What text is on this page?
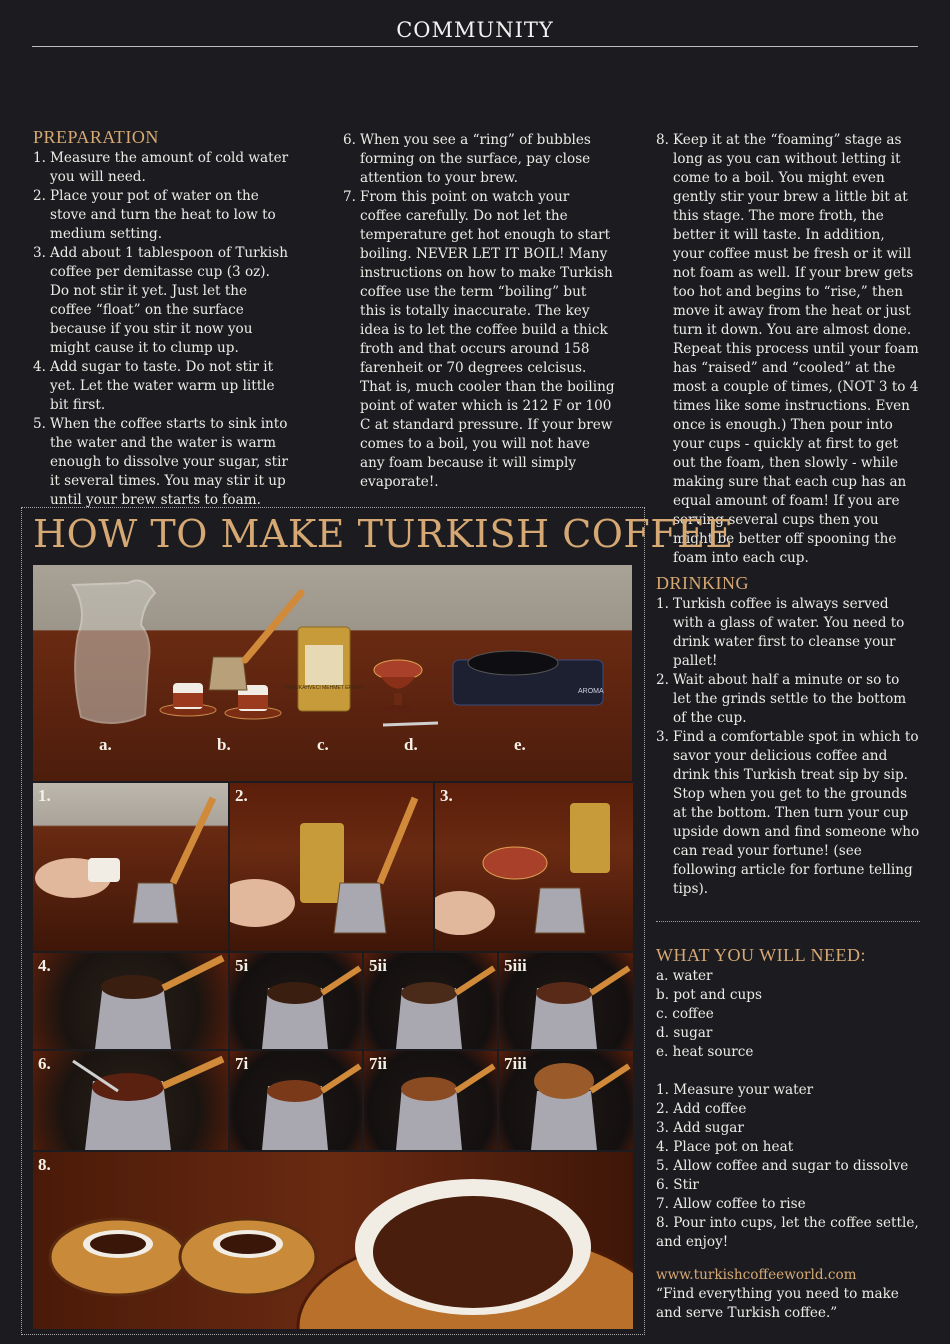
COMMUNITY
PREPARATION
1. Measure the amount of cold water you will need.
2. Place your pot of water on the stove and turn the heat to low to medium setting.
3. Add about 1 tablespoon of Turkish coffee per demitasse cup (3 oz). Do not stir it yet. Just let the coffee “float” on the surface because if you stir it now you might cause it to clump up.
4. Add sugar to taste. Do not stir it yet. Let the water warm up little bit first.
5. When the coffee starts to sink into the water and the water is warm enough to dissolve your sugar, stir it several times. You may stir it up until your brew starts to foam.
6. When you see a “ring” of bubbles forming on the surface, pay close attention to your brew.
7. From this point on watch your coffee carefully. Do not let the temperature get hot enough to start boiling. NEVER LET IT BOIL! Many instructions on how to make Turkish coffee use the term “boiling” but this is totally inaccurate. The key idea is to let the coffee build a thick froth and that occurs around 158 farenheit or 70 degrees celcisus. That is, much cooler than the boiling point of water which is 212 F or 100 C at standard pressure. If your brew comes to a boil, you will not have any foam because it will simply evaporate!.
8. Keep it at the “foaming” stage as long as you can without letting it come to a boil. You might even gently stir your brew a little bit at this stage. The more froth, the better it will taste. In addition, your coffee must be fresh or it will not foam as well. If your brew gets too hot and begins to “rise,” then move it away from the heat or just turn it down. You are almost done. Repeat this process until your foam has “raised” and “cooled” at the most a couple of times, (NOT 3 to 4 times like some instructions. Even once is enough.) Then pour into your cups - quickly at first to get out the foam, then slowly - while making sure that each cup has an equal amount of foam! If you are serving several cups then you might be better off spooning the foam into each cup.
DRINKING
1. Turkish coffee is always served with a glass of water. You need to drink water first to cleanse your pallet!
2. Wait about half a minute or so to let the grinds settle to the bottom of the cup.
3. Find a comfortable spot in which to savor your delicious coffee and drink this Turkish treat sip by sip. Stop when you get to the grounds at the bottom. Then turn your cup upside down and find someone who can read your fortune! (see following article for fortune telling tips).
WHAT YOU WILL NEED:
a. water
b. pot and cups
c. coffee
d. sugar
e. heat source
1. Measure your water
2. Add coffee
3. Add sugar
4. Place pot on heat
5. Allow coffee and sugar to dissolve
6. Stir
7. Allow coffee to rise
8. Pour into cups, let the coffee settle, and enjoy!
www.turkishcoffeeworld.com
“Find everything you need to make and serve Turkish coffee.”
HOW TO MAKE TURKISH COFFEE
KURUKAHVECI MEHMET EFENDI	AROMA
a.	b.	c.	d.	e.
1.	2.	3.
4.	5i	5ii	5iii
6.	7i	7ii	7iii
8.
